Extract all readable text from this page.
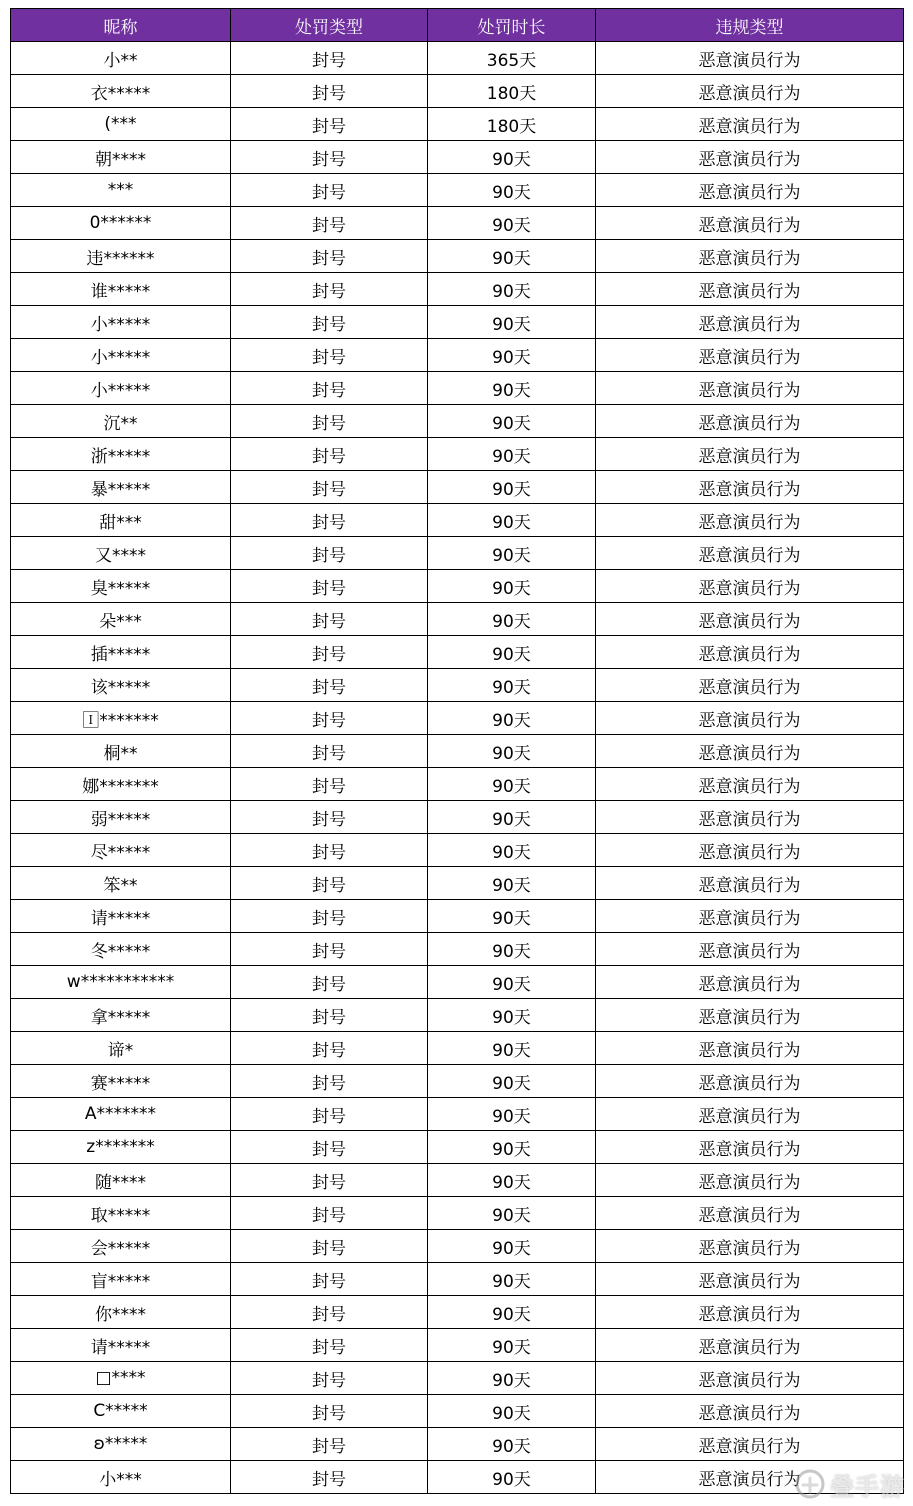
昵称	处罚类型	处罚时长	违规类型
小**	封号	365天	恶意演员行为
衣*****	封号	180天	恶意演员行为
(***	封号	180天	恶意演员行为
朝****	封号	90天	恶意演员行为
***	封号	90天	恶意演员行为
0******	封号	90天	恶意演员行为
违******	封号	90天	恶意演员行为
谁*****	封号	90天	恶意演员行为
小*****	封号	90天	恶意演员行为
小*****	封号	90天	恶意演员行为
小*****	封号	90天	恶意演员行为
沉**	封号	90天	恶意演员行为
浙*****	封号	90天	恶意演员行为
暴*****	封号	90天	恶意演员行为
甜***	封号	90天	恶意演员行为
又****	封号	90天	恶意演员行为
臭*****	封号	90天	恶意演员行为
朵***	封号	90天	恶意演员行为
插*****	封号	90天	恶意演员行为
该*****	封号	90天	恶意演员行为
🄸*******	封号	90天	恶意演员行为
桐**	封号	90天	恶意演员行为
娜*******	封号	90天	恶意演员行为
弱*****	封号	90天	恶意演员行为
尽*****	封号	90天	恶意演员行为
笨**	封号	90天	恶意演员行为
请*****	封号	90天	恶意演员行为
冬*****	封号	90天	恶意演员行为
w***********	封号	90天	恶意演员行为
拿*****	封号	90天	恶意演员行为
谛*	封号	90天	恶意演员行为
赛*****	封号	90天	恶意演员行为
A*******	封号	90天	恶意演员行为
z*******	封号	90天	恶意演员行为
随****	封号	90天	恶意演员行为
取*****	封号	90天	恶意演员行为
会*****	封号	90天	恶意演员行为
盲*****	封号	90天	恶意演员行为
你****	封号	90天	恶意演员行为
请*****	封号	90天	恶意演员行为
□****	封号	90天	恶意演员行为
C*****	封号	90天	恶意演员行为
ʚ*****	封号	90天	恶意演员行为
小***	封号	90天	恶意演员行为 叠手游
